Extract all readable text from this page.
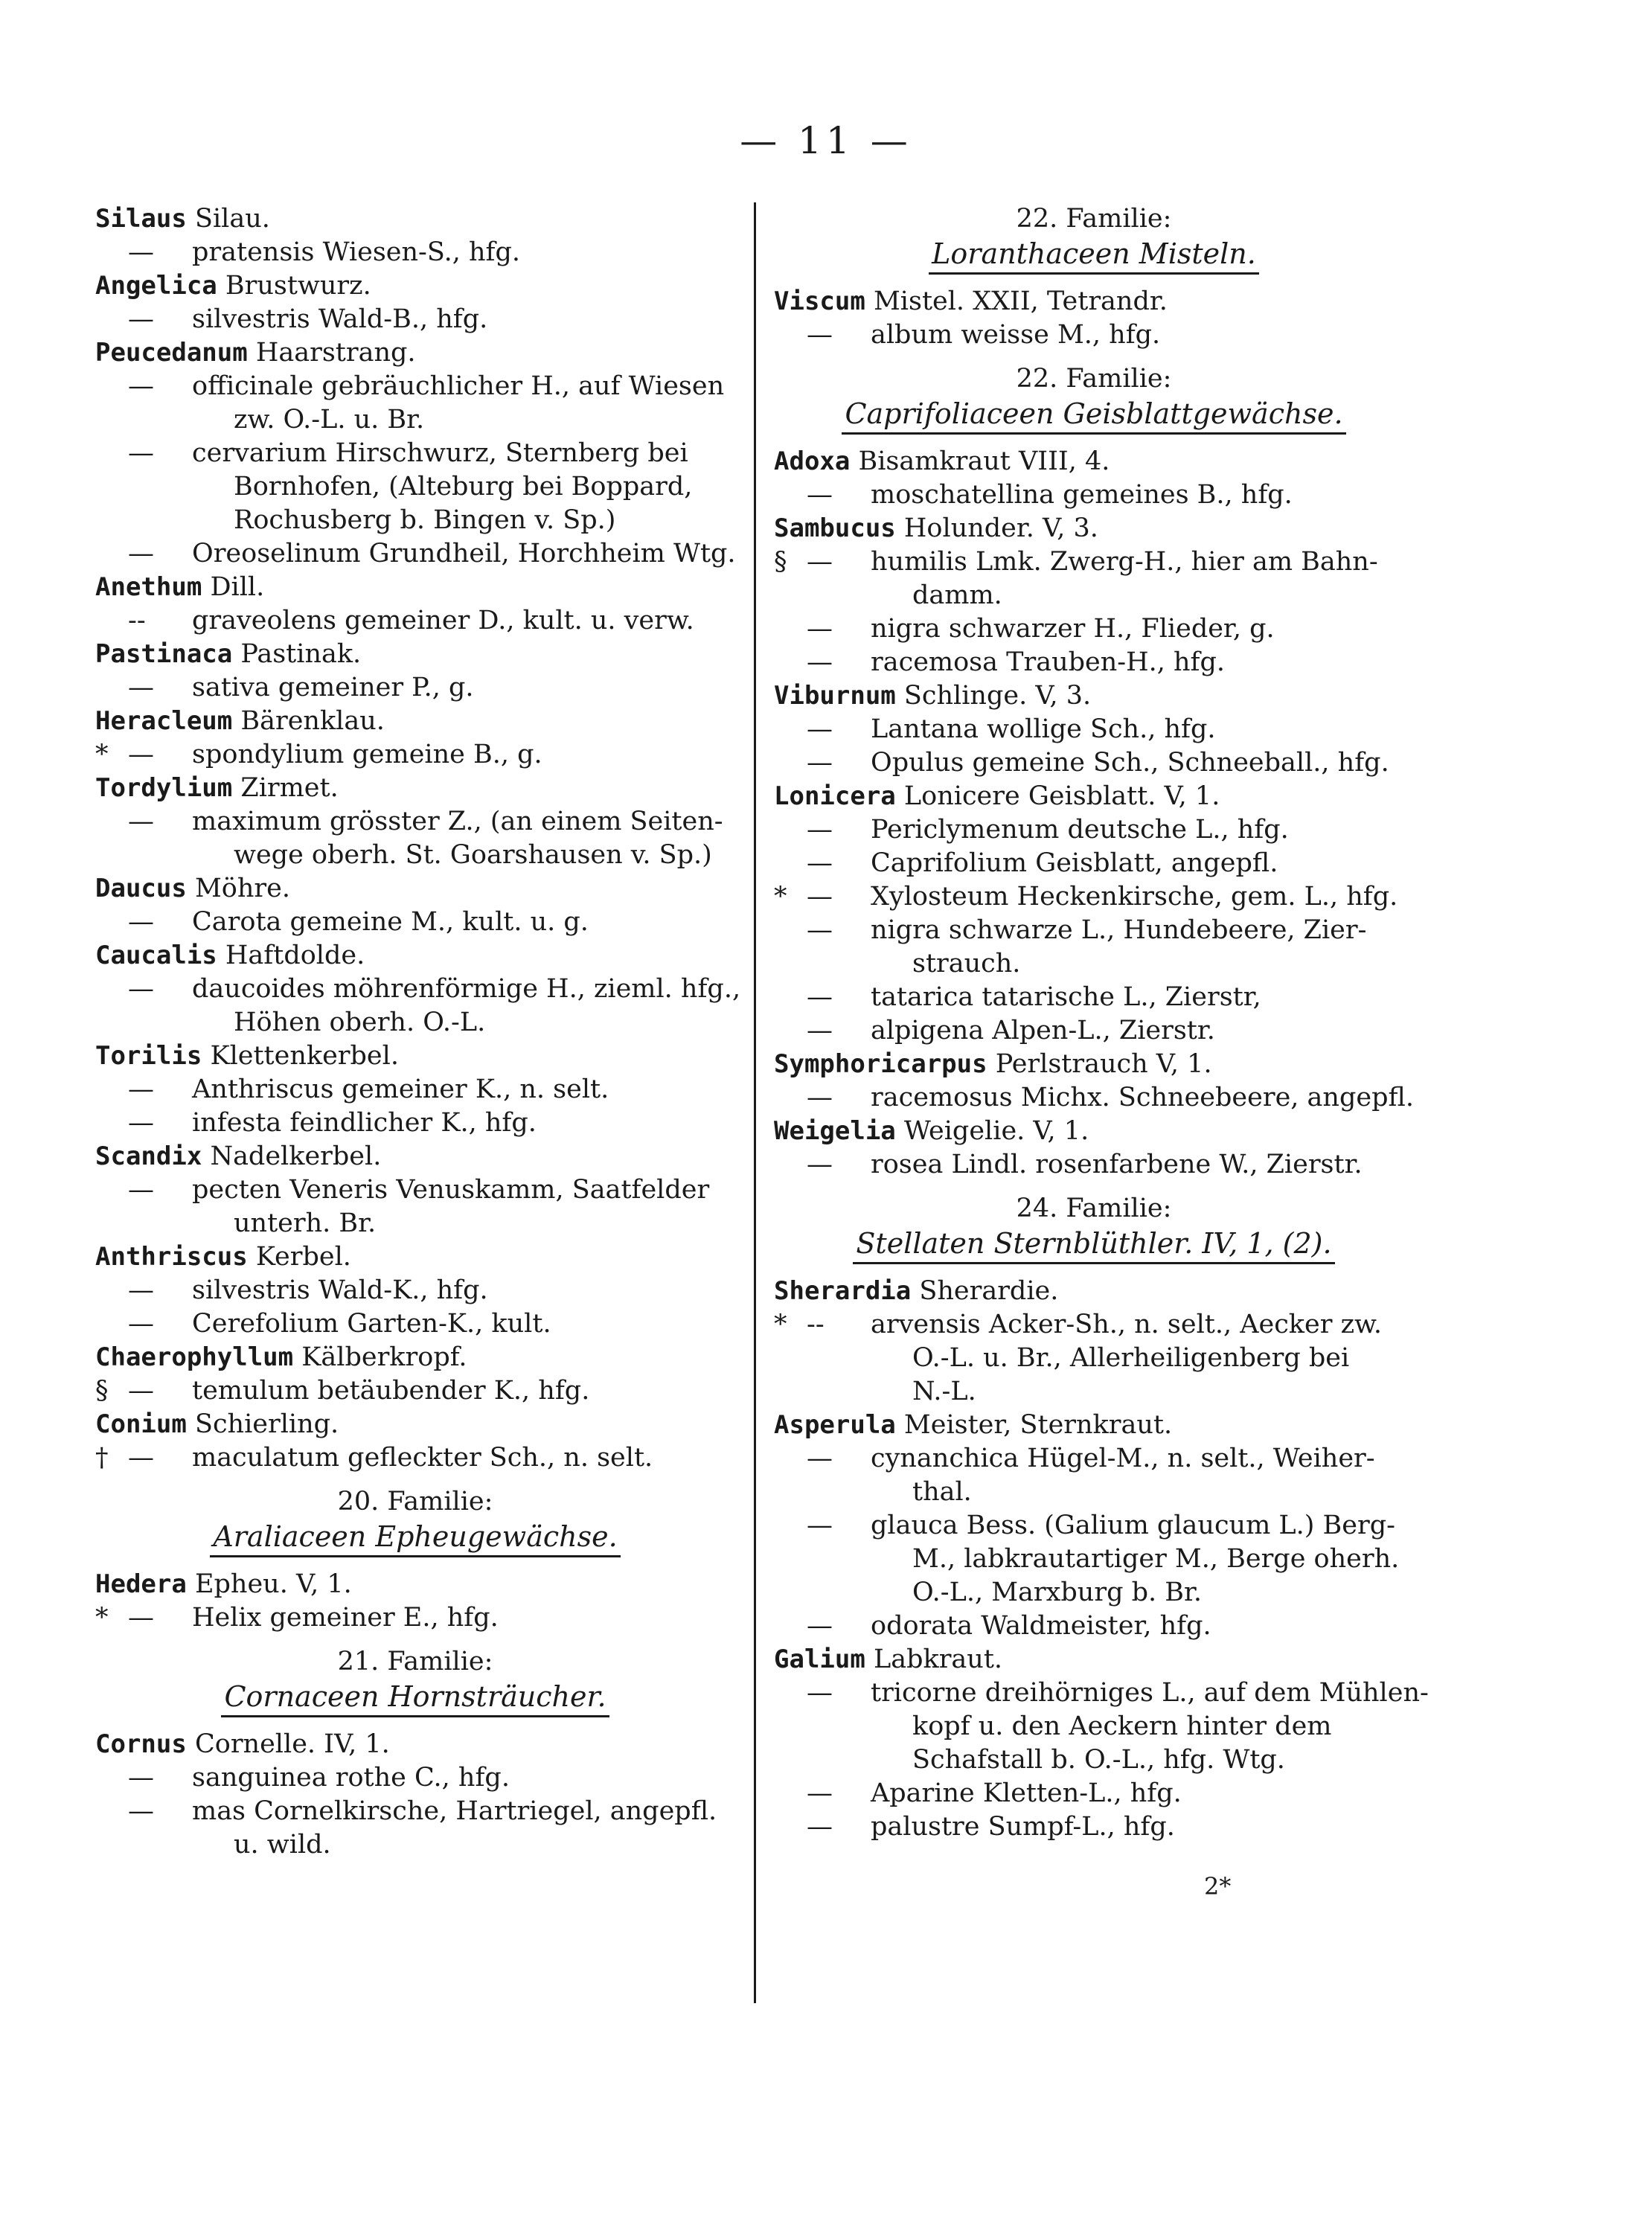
— 11 —
Silaus Silau.
— pratensis Wiesen-S., hfg.
Angelica Brustwurz.
— silvestris Wald-B., hfg.
Peucedanum Haarstrang.
— officinale gebräuchlicher H., auf Wiesen
zw. O.-L. u. Br.
— cervarium Hirschwurz, Sternberg bei
Bornhofen, (Alteburg bei Boppard,
Rochusberg b. Bingen v. Sp.)
— Oreoselinum Grundheil, Horchheim Wtg.
Anethum Dill.
-- graveolens gemeiner D., kult. u. verw.
Pastinaca Pastinak.
— sativa gemeiner P., g.
Heracleum Bärenklau.
* — spondylium gemeine B., g.
Tordylium Zirmet.
— maximum grösster Z., (an einem Seiten-
wege oberh. St. Goarshausen v. Sp.)
Daucus Möhre.
— Carota gemeine M., kult. u. g.
Caucalis Haftdolde.
— daucoides möhrenförmige H., zieml. hfg.,
Höhen oberh. O.-L.
Torilis Klettenkerbel.
— Anthriscus gemeiner K., n. selt.
— infesta feindlicher K., hfg.
Scandix Nadelkerbel.
— pecten Veneris Venuskamm, Saatfelder
unterh. Br.
Anthriscus Kerbel.
— silvestris Wald-K., hfg.
— Cerefolium Garten-K., kult.
Chaerophyllum Kälberkropf.
§ — temulum betäubender K., hfg.
Conium Schierling.
† — maculatum gefleckter Sch., n. selt.
20. Familie:
Araliaceen Epheugewächse.
Hedera Epheu. V, 1.
* — Helix gemeiner E., hfg.
21. Familie:
Cornaceen Hornsträucher.
Cornus Cornelle. IV, 1.
— sanguinea rothe C., hfg.
— mas Cornelkirsche, Hartriegel, angepfl.
u. wild.
22. Familie:
Loranthaceen Misteln.
Viscum Mistel. XXII, Tetrandr.
— album weisse M., hfg.
22. Familie:
Caprifoliaceen Geisblattgewächse.
Adoxa Bisamkraut VIII, 4.
— moschatellina gemeines B., hfg.
Sambucus Holunder. V, 3.
§ — humilis Lmk. Zwerg-H., hier am Bahn-
damm.
— nigra schwarzer H., Flieder, g.
— racemosa Trauben-H., hfg.
Viburnum Schlinge. V, 3.
— Lantana wollige Sch., hfg.
— Opulus gemeine Sch., Schneeball., hfg.
Lonicera Lonicere Geisblatt. V, 1.
— Periclymenum deutsche L., hfg.
— Caprifolium Geisblatt, angepfl.
* — Xylosteum Heckenkirsche, gem. L., hfg.
— nigra schwarze L., Hundebeere, Zier-
strauch.
— tatarica tatarische L., Zierstr,
— alpigena Alpen-L., Zierstr.
Symphoricarpus Perlstrauch V, 1.
— racemosus Michx. Schneebeere, angepfl.
Weigelia Weigelie. V, 1.
— rosea Lindl. rosenfarbene W., Zierstr.
24. Familie:
Stellaten Sternblüthler. IV, 1, (2).
Sherardia Sherardie.
* -- arvensis Acker-Sh., n. selt., Aecker zw.
O.-L. u. Br., Allerheiligenberg bei
N.-L.
Asperula Meister, Sternkraut.
— cynanchica Hügel-M., n. selt., Weiher-
thal.
— glauca Bess. (Galium glaucum L.) Berg-
M., labkrautartiger M., Berge oherh.
O.-L., Marxburg b. Br.
— odorata Waldmeister, hfg.
Galium Labkraut.
— tricorne dreihörniges L., auf dem Mühlen-
kopf u. den Aeckern hinter dem
Schafstall b. O.-L., hfg. Wtg.
— Aparine Kletten-L., hfg.
— palustre Sumpf-L., hfg.
2*
